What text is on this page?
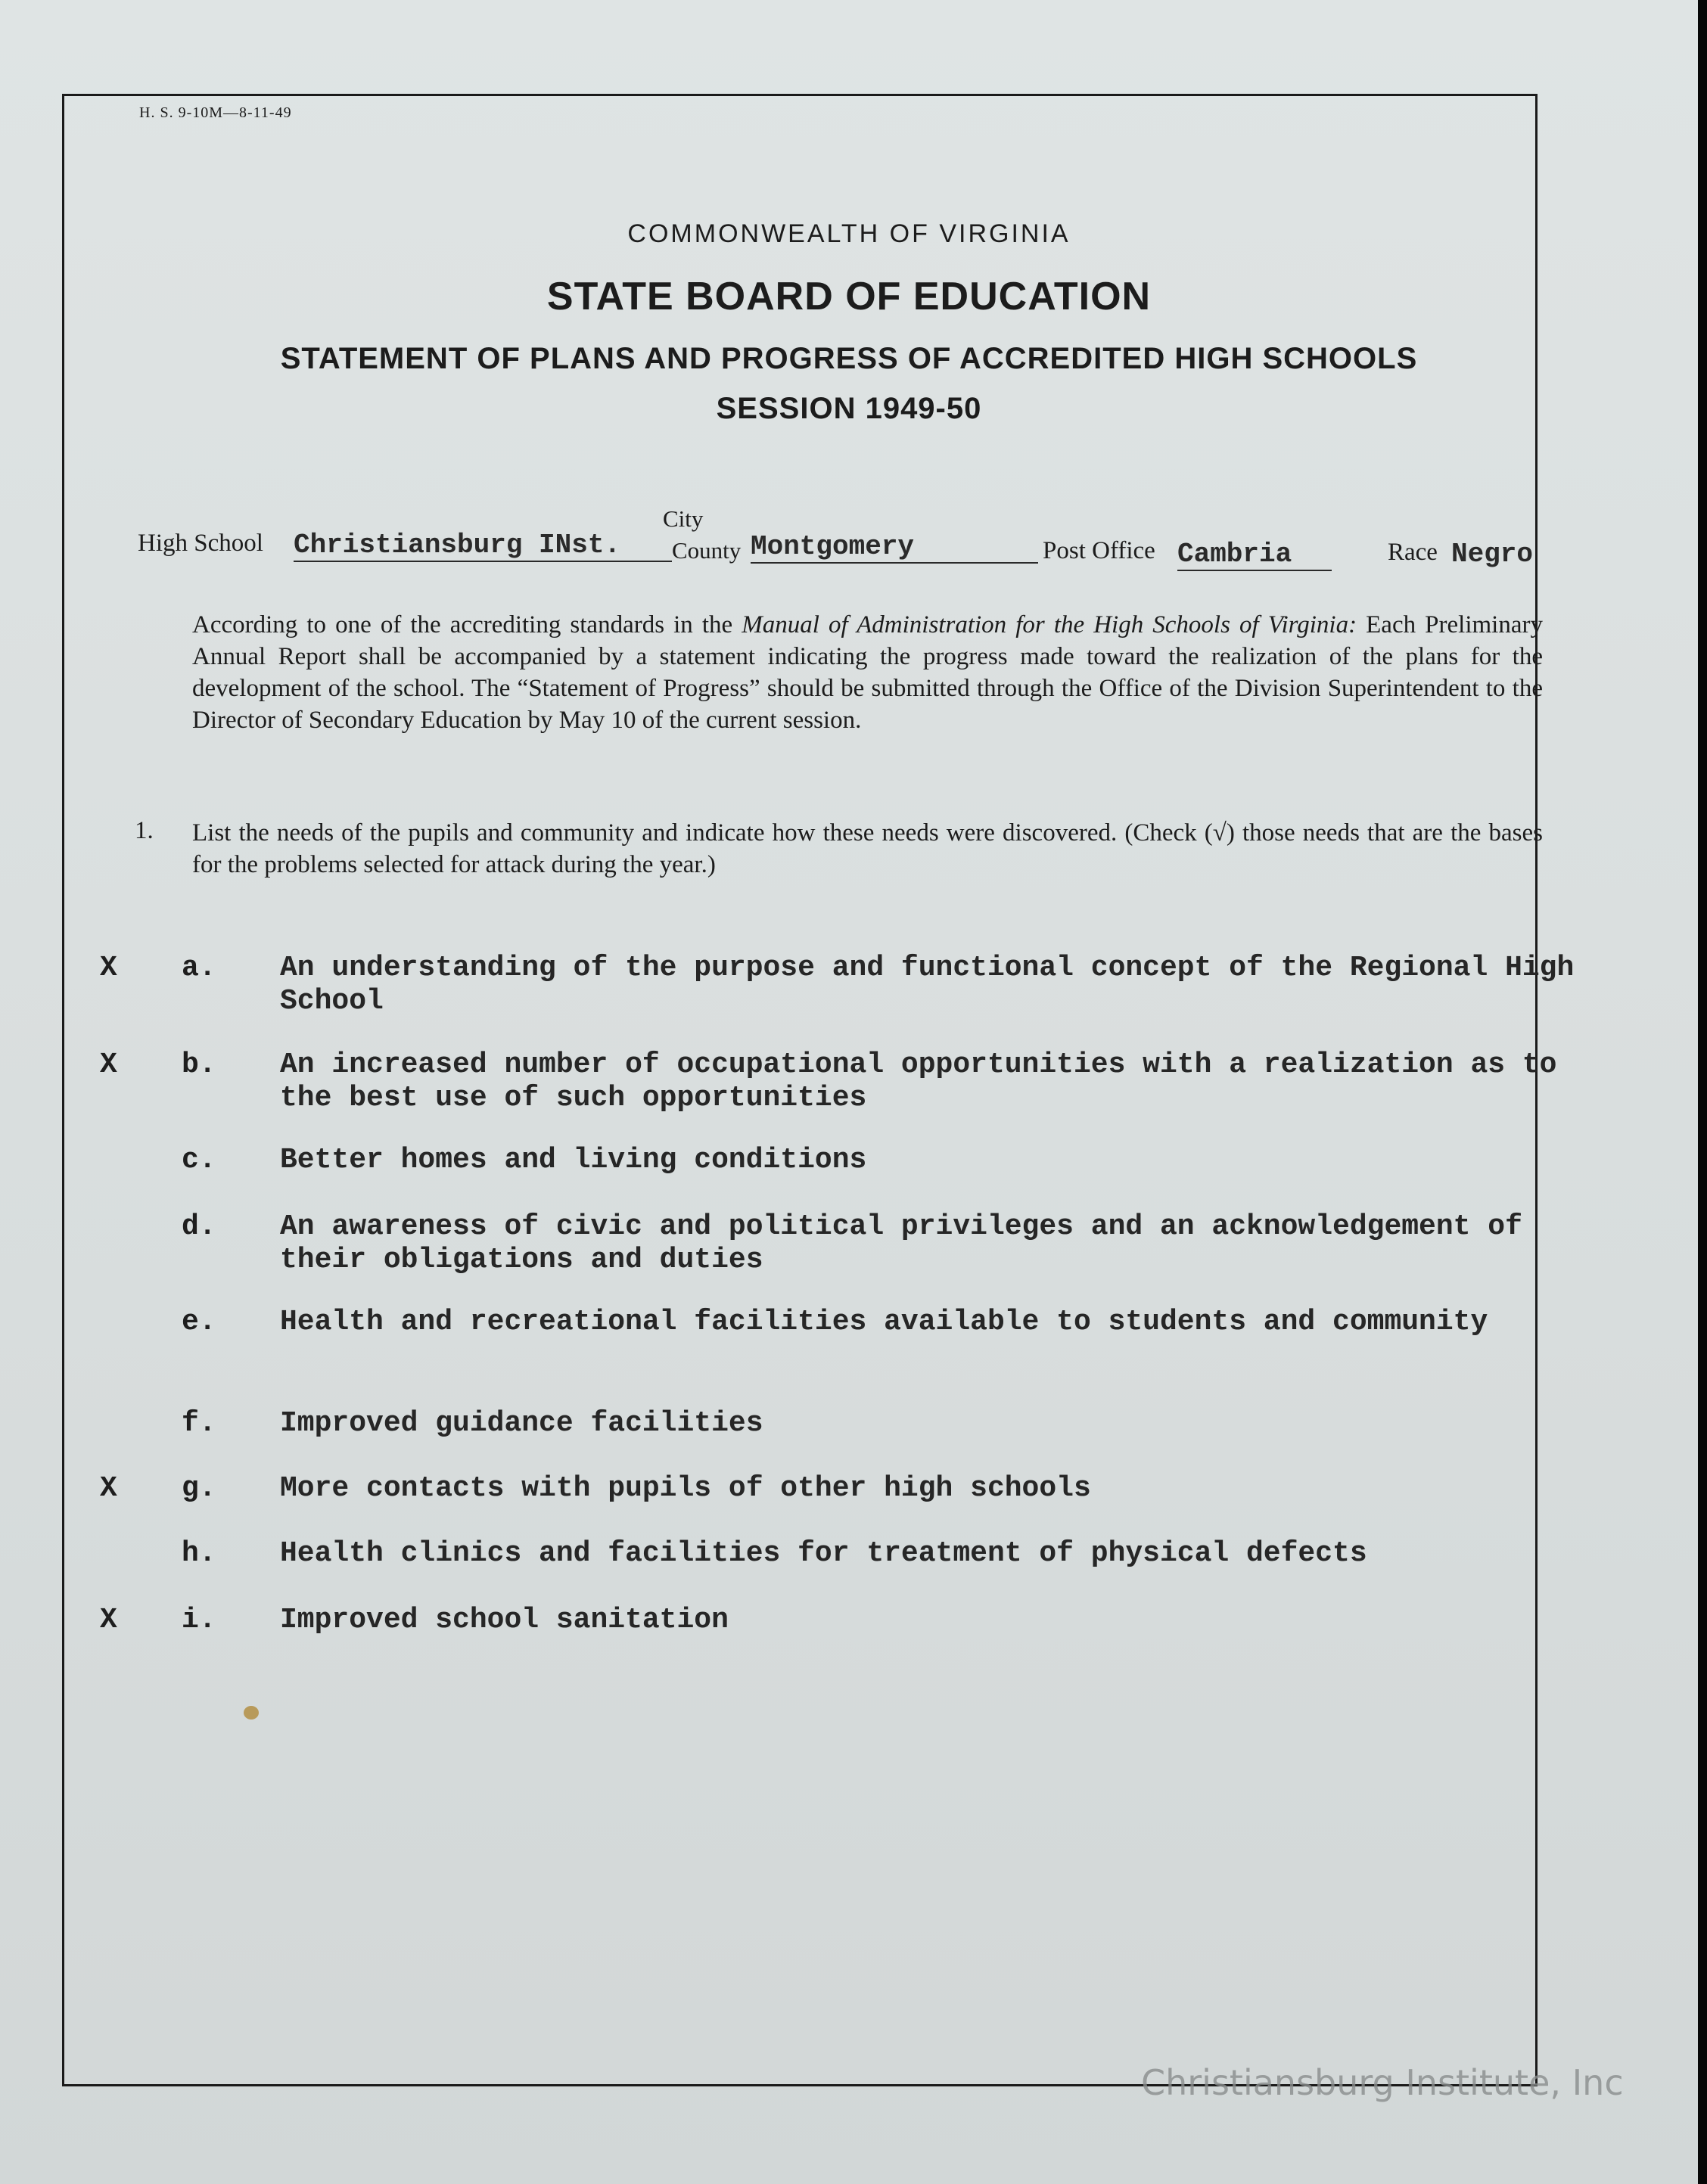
H. S. 9-10M—8-11-49
COMMONWEALTH OF VIRGINIA
STATE BOARD OF EDUCATION
STATEMENT OF PLANS AND PROGRESS OF ACCREDITED HIGH SCHOOLS
SESSION 1949-50
High School Christiansburg INst.
City
County Montgomery	Post Office Cambria	Race Negro
According to one of the accrediting standards in the Manual of Administration for the High Schools of Virginia: Each Preliminary Annual Report shall be accompanied by a statement indicating the progress made toward the realization of the plans for the development of the school. The “Statement of Progress” should be submitted through the Office of the Division Superintendent to the Director of Secondary Education by May 10 of the current session.
1. List the needs of the pupils and community and indicate how these needs were discovered. (Check (√) those needs that are the bases for the problems selected for attack during the year.)
X a. An understanding of the purpose and functional concept of the Regional High School
X b. An increased number of occupational opportunities with a realization as to the best use of such opportunities
c. Better homes and living conditions
d. An awareness of civic and political privileges and an acknowledgement of their obligations and duties
e. Health and recreational facilities available to students and community
f. Improved guidance facilities
X g. More contacts with pupils of other high schools
h. Health clinics and facilities for treatment of physical defects
X i. Improved school sanitation
Christiansburg Institute, Inc
